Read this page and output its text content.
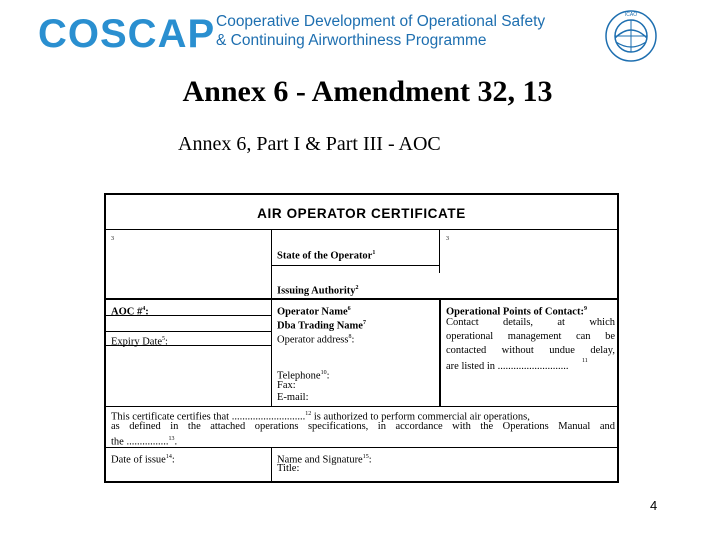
COSCAP Cooperative Development of Operational Safety
& Continuing Airworthiness Programme
ICAO
Annex 6 - Amendment 32, 13
Annex 6, Part I & Part III - AOC
AIR OPERATOR CERTIFICATE
3	3
State of the Operator$^1$
Issuing Authority$^2$
AOC #$^4$:
Expiry Date$^5$:
Operator Name$^6$
Dba Trading Name$^7$
Operator address$^8$:
Telephone$^{10}$:
Fax:
E-mail:
Operational Points of Contact:$^9$
Contact details, at which
operational management can be
contacted without undue delay,
11
are listed in ...........................
This certificate certifies that ............................$^{12}$ is authorized to perform commercial air operations,
as defined in the attached operations specifications, in accordance with the Operations Manual and
the ................$^{13}$.
Date of issue$^{14}$:	Name and Signature$^{15}$:
Title:
4
